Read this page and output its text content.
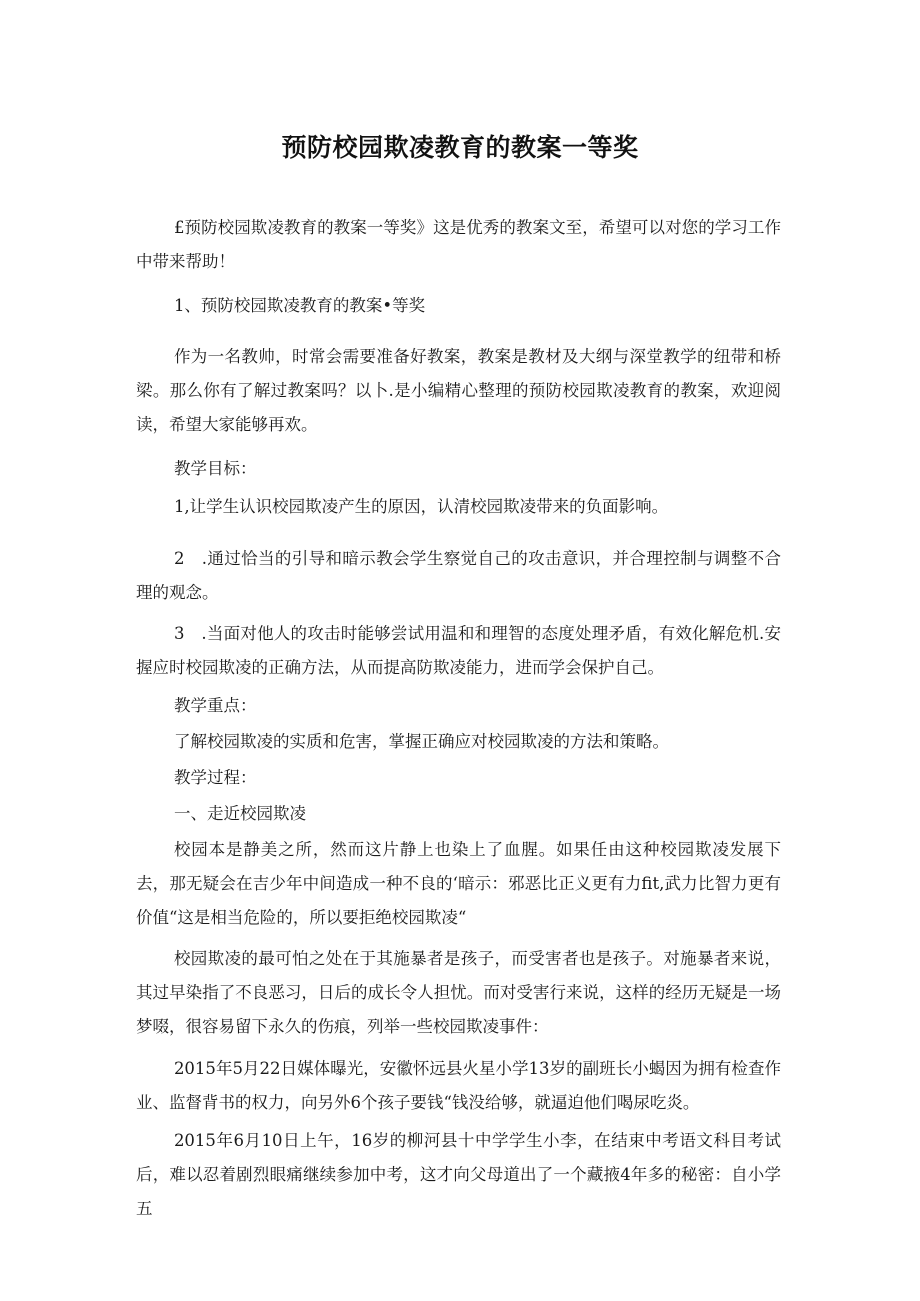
预防校园欺凌教育的教案一等奖

£预防校园欺凌教育的教案一等奖》这是优秀的教案文至，希望可以对您的学习工作中带来帮助！

1、预防校园欺凌教育的教案•等奖

作为一名教帅，时常会需要准备好教案，教案是教材及大纲与深堂教学的纽带和桥梁。那么你有了解过教案吗？以卜.是小编精心整理的预防校园欺凌教育的教案，欢迎阅读，希望大家能够再欢。

教学目标：

1,让学生认识校园欺凌产生的原因，认清校园欺凌带来的负面影响。

2　.通过恰当的引导和暗示教会学生察觉自己的攻击意识，并合理控制与调整不合理的观念。

3　.当面对他人的攻击时能够尝试用温和和理智的态度处理矛盾，有效化解危机.安握应时校园欺凌的正确方法，从而提高防欺凌能力，进而学会保护自己。

教学重点：

了解校园欺凌的实质和危害，掌握正确应对校园欺凌的方法和策略。

教学过程：

一、走近校园欺凌

校园本是静美之所，然而这片静上也染上了血腥。如果任由这种校园欺凌发展下去，那无疑会在吉少年中间造成一种不良的‘暗示：邪恶比正义更有力fit,武力比智力更有价值“这是相当危险的，所以要拒绝校园欺凌“

校园欺凌的最可怕之处在于其施暴者是孩子，而受害者也是孩子。对施暴者来说，其过早染指了不良恶习，日后的成长令人担忧。而对受害行来说，这样的经历无疑是一场梦啜，很容易留下永久的伤痕，列举一些校园欺凌事件：

2015年5月22日媒体曝光，安徽怀远县火星小学13岁的副班长小蝎因为拥有检查作业、监督背书的权力，向另外6个孩子要钱“钱没给够，就逼迫他们喝尿吃炎。

2015年6月10日上午，16岁的柳河县十中学学生小李，在结束中考语文科目考试后，难以忍着剧烈眼痛继续参加中考，这才向父母道出了一个藏掖4年多的秘密：自小学五
